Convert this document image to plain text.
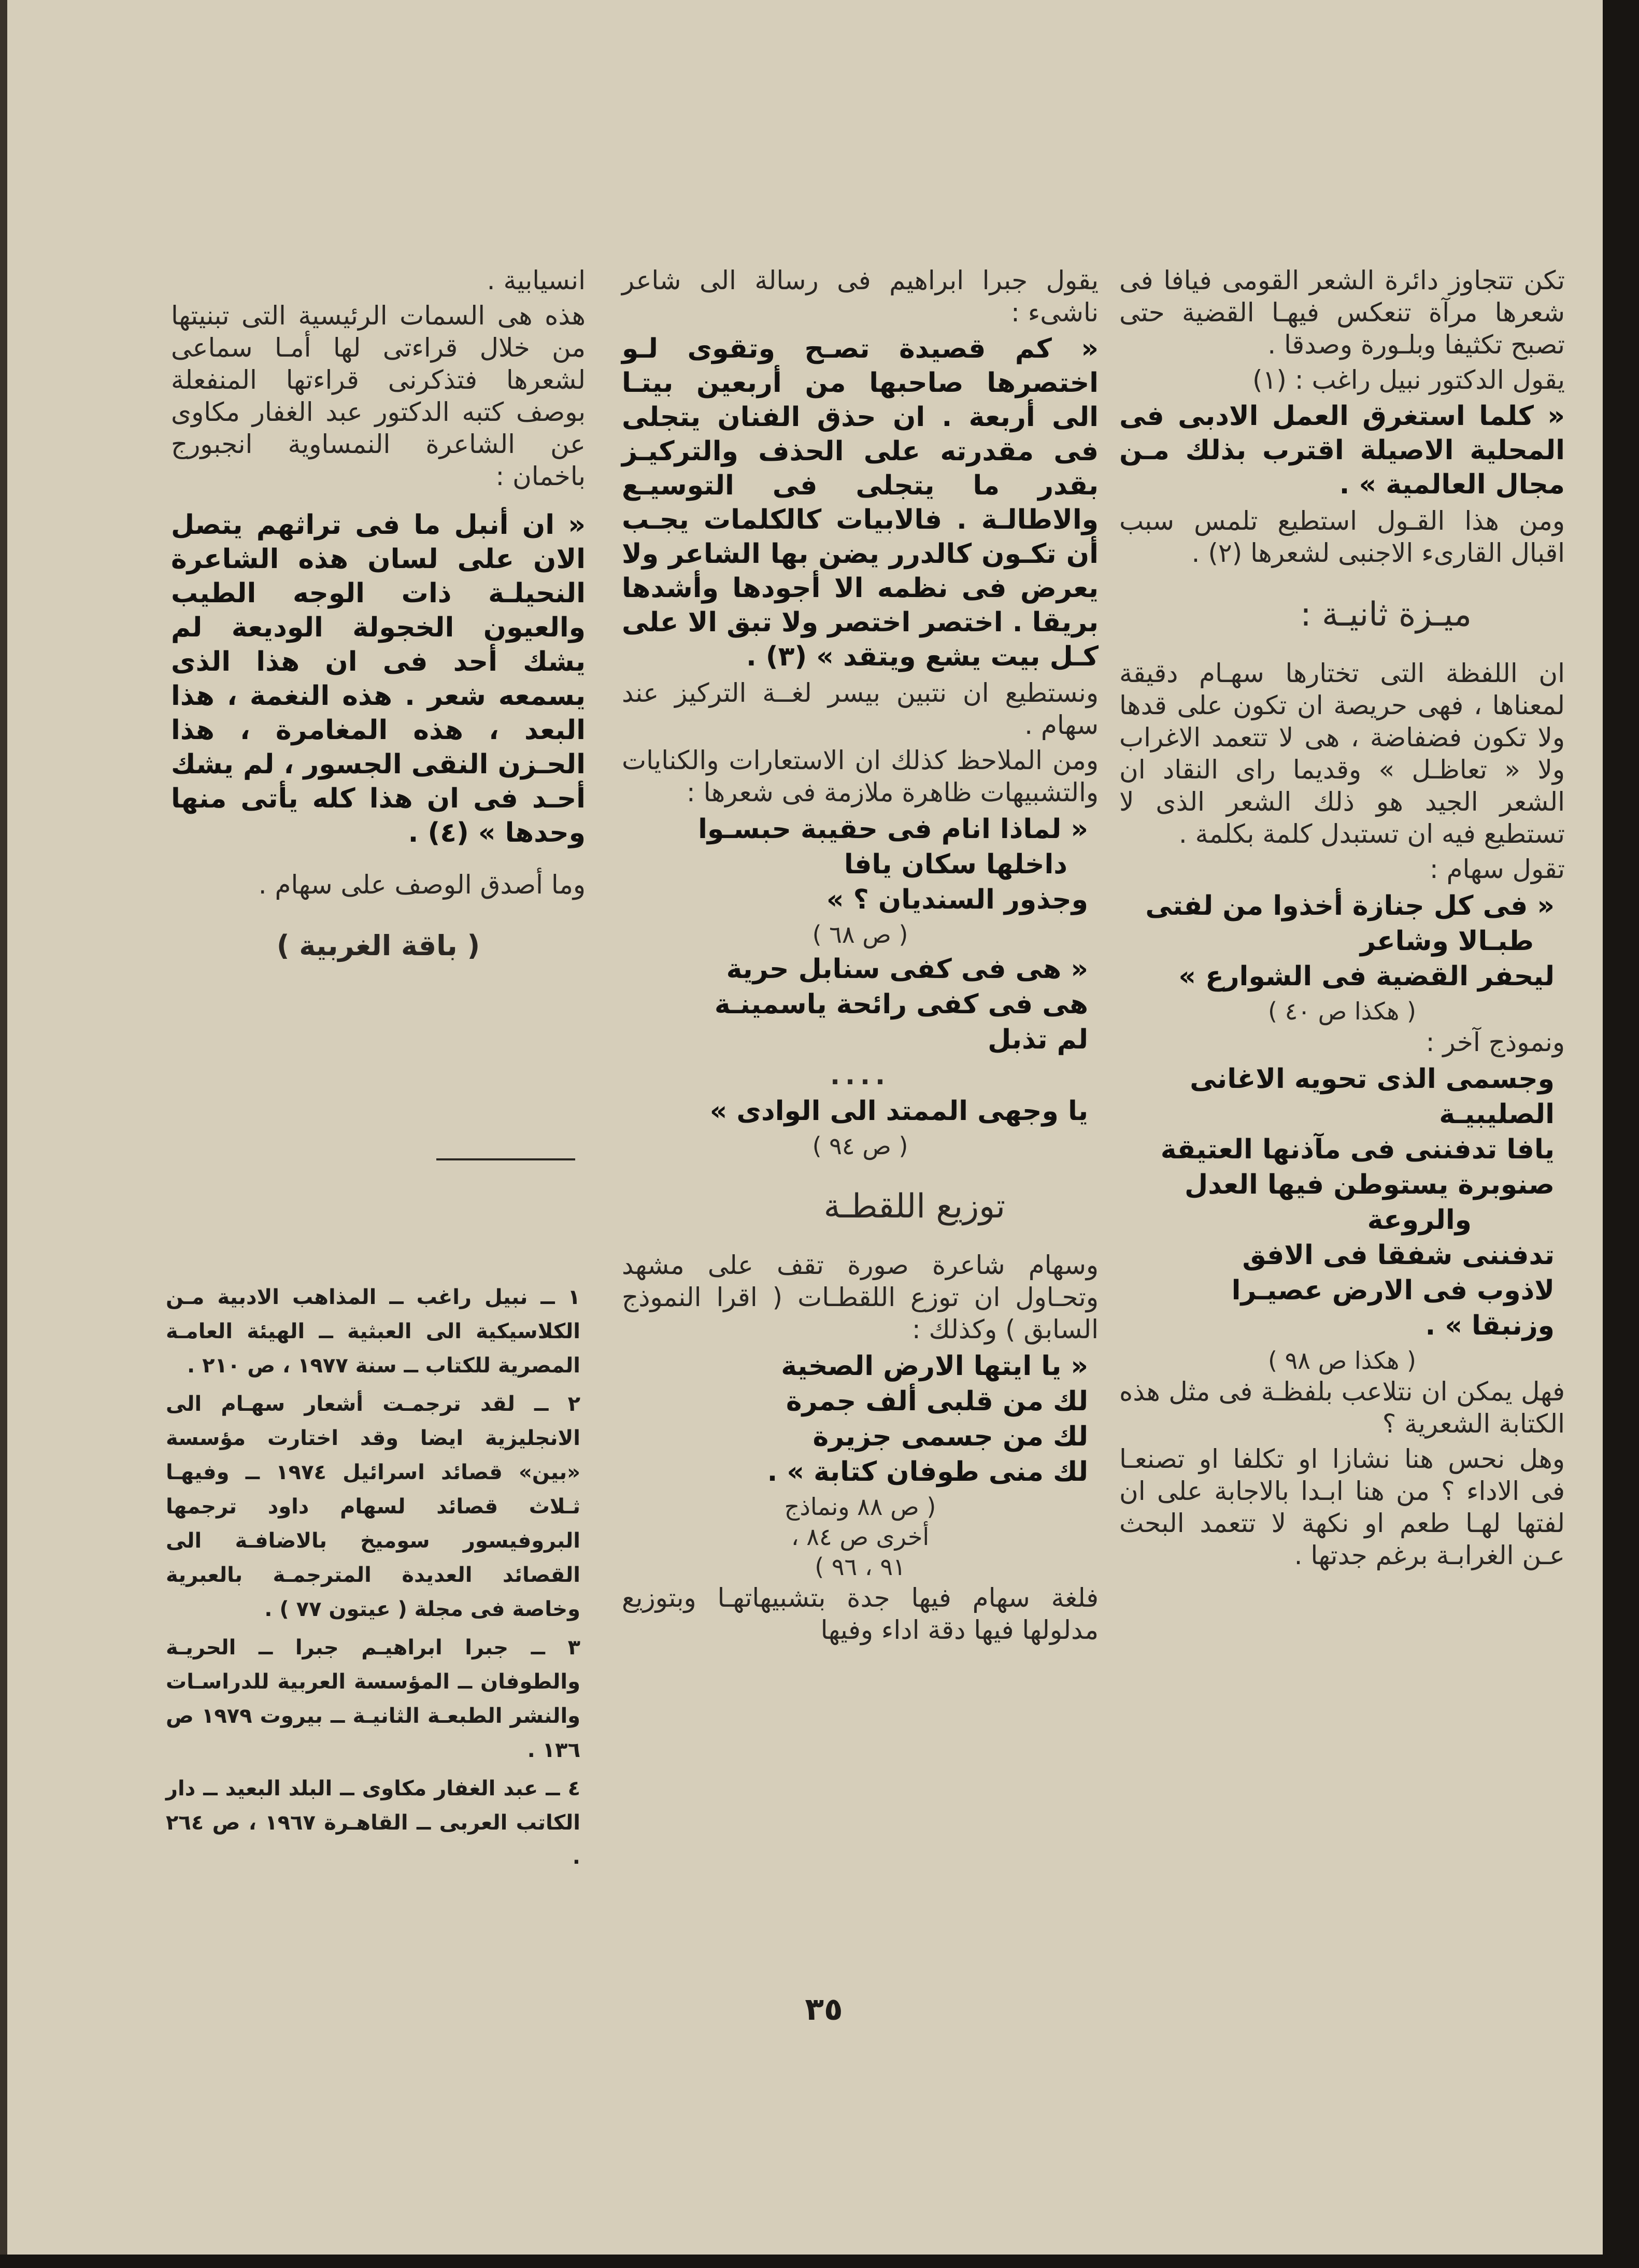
تكن تتجاوز دائرة الشعر القومى فيافا فى شعرها مرآة تنعكس فيهـا القضية حتى تصبح تكثيفا وبلـورة وصدقا .

يقول الدكتور نبيل راغب : (١)

« كلما استغرق العمل الادبى فى المحلية الاصيلة اقترب بذلك مـن مجال العالمية » .

ومن هذا القـول استطيع تلمس سبب اقبال القارىء الاجنبى لشعرها (٢) .

ميـزة ثانيـة :

ان اللفظة التى تختارها سهـام دقيقة لمعناها ، فهى حريصة ان تكون على قدها ولا تكون فضفاضة ، هى لا تتعمد الاغراب ولا « تعاظـل » وقديما راى النقاد ان الشعر الجيد هو ذلك الشعر الذى لا تستطيع فيه ان تستبدل كلمة بكلمة .

تقول سهام :

« فى كل جنازة أخذوا من لفتى
طبـالا وشاعر
ليحفر القضية فى الشوارع »
( هكذا ص ٤٠ )

ونموذج آخر :

وجسمى الذى تحويه الاغانى
الصليبيـة
يافا تدفننى فى مآذنها العتيقة
صنوبرة يستوطن فيها العدل
والروعة
تدفننى شفقا فى الافق
لاذوب فى الارض عصيـرا
وزنبقا » .
( هكذا ص ٩٨ )

فهل يمكن ان نتلاعب بلفظـة فى مثل هذه الكتابة الشعرية ؟

وهل نحس هنا نشازا او تكلفا او تصنعـا فى الاداء ؟ من هنا ابـدا بالاجابة على ان لفتها لهـا طعم او نكهة لا تتعمد البحث عـن الغرابـة برغم جدتها .

يقول جبرا ابراهيم فى رسالة الى شاعر ناشىء :

« كم قصيدة تصـح وتقوى لـو اختصرها صاحبها من أربعين بيتـا الى أربعة . ان حذق الفنان يتجلى فى مقدرته على الحذف والتركيـز بقدر ما يتجلى فى التوسيـع والاطالـة . فالابيات كالكلمات يجـب أن تكـون كالدرر يضن بها الشاعر ولا يعرض فى نظمه الا أجودها وأشدها بريقا . اختصر اختصر ولا تبق الا على كـل بيت يشع ويتقد » (٣) .

ونستطيع ان نتبين بيسر لغــة التركيز عند سهام .

ومن الملاحظ كذلك ان الاستعارات والكنايات والتشبيهات ظاهرة ملازمة فى شعرها :

« لماذا انام فى حقيبة حبسـوا
داخلها سكان يافا
وجذور السنديان ؟ »
( ص ٦٨ )
« هى فى كفى سنابل حرية
هى فى كفى رائحة ياسمينـة
لم تذبل
....
يا وجهى الممتد الى الوادى »
( ص ٩٤ )
توزيع اللقطـة

وسهام شاعرة صورة تقف على مشهد وتحـاول ان توزع اللقطـات ( اقرا النموذج السابق ) وكذلك :

« يا ايتها الارض الصخية
لك من قلبى ألف جمرة
لك من جسمى جزيرة
لك منى طوفان كتابة » .
( ص ٨٨ ونماذج
أخرى ص ٨٤ ،
٩١ ، ٩٦ )

فلغة سهام فيها جدة بتشبيهاتهـا وبتوزيع مدلولها فيها دقة اداء وفيها

انسيابية .

هذه هى السمات الرئيسية التى تبنيتها من خلال قراءتى لها أمـا سماعى لشعرها فتذكرنى قراءتها المنفعلة بوصف كتبه الدكتور عبد الغفار مكاوى عن الشاعرة النمساوية انجبورج باخمان :

« ان أنبل ما فى تراثهم يتصل الان على لسان هذه الشاعرة النحيلـة ذات الوجه الطيب والعيون الخجولة الوديعة لم يشك أحد فى ان هذا الذى يسمعه شعر . هذه النغمة ، هذا البعد ، هذه المغامرة ، هذا الحـزن النقى الجسور ، لم يشك أحـد فى ان هذا كله يأتى منها وحدها » (٤) .

وما أصدق الوصف على سهام .

( باقة الغربية )

١ ــ نبيل راغب ــ المذاهب الادبية مـن الكلاسيكية الى العبثية ــ الهيئة العامـة المصرية للكتاب ــ سنة ١٩٧٧ ، ص ٢١٠ .

٢ ــ لقد ترجمـت أشعار سهـام الى الانجليزية ايضا وقد اختارت مؤسسة «بين» قصائد اسرائيل ١٩٧٤ ــ وفيهـا ثـلاث قصائد لسهام داود ترجمها البروفيسور سوميخ بالاضافـة الى القصائد العديدة المترجمـة بالعبرية وخاصة فى مجلة ( عيتون ٧٧ ) .

٣ ــ جبرا ابراهيـم جبرا ــ الحريـة والطوفان ــ المؤسسة العربية للدراسـات والنشر الطبعـة الثانيـة ــ بيروت ١٩٧٩ ص ١٣٦ .

٤ ــ عبد الغفار مكاوى ــ البلد البعيد ــ دار الكاتب العربى ــ القاهـرة ١٩٦٧ ، ص ٢٦٤ .

٣٥
